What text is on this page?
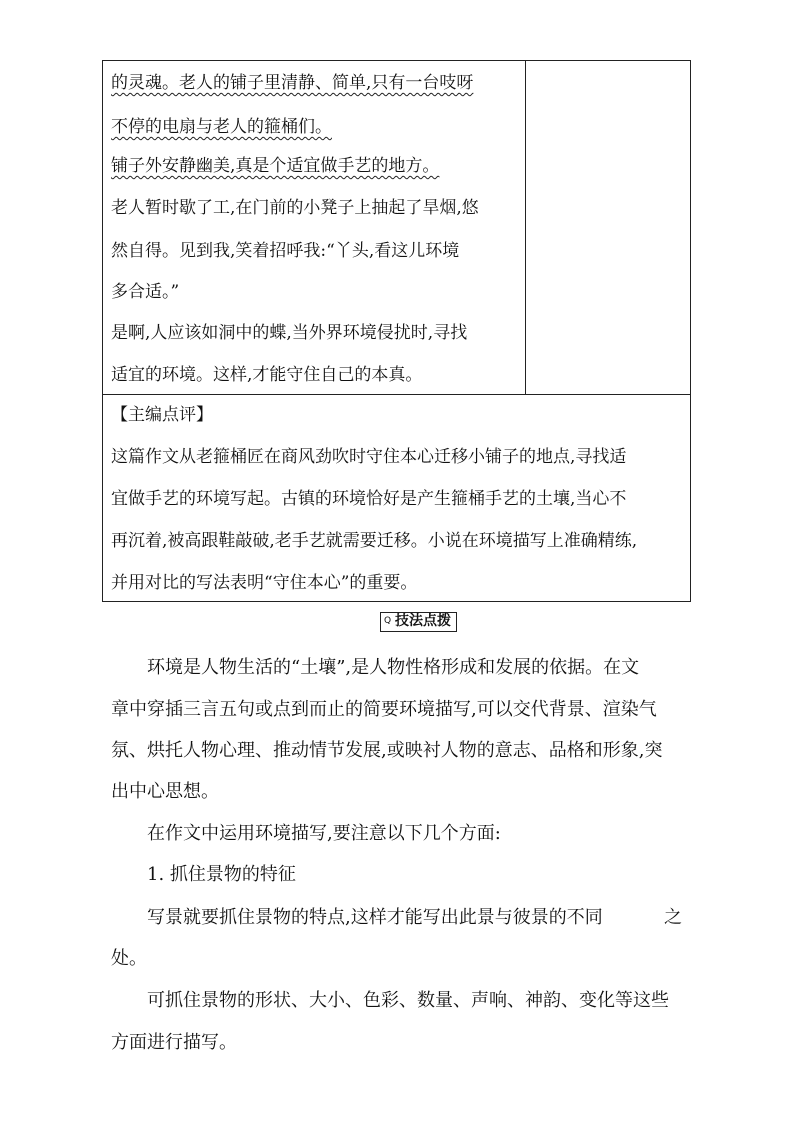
的灵魂。老人的铺子里清静、简单,只有一台吱呀
不停的电扇与老人的箍桶们。
铺子外安静幽美,真是个适宜做手艺的地方。
老人暂时歇了工,在门前的小凳子上抽起了旱烟,悠
然自得。见到我,笑着招呼我:“丫头,看这儿环境
多合适。”
是啊,人应该如洞中的蝶,当外界环境侵扰时,寻找
适宜的环境。这样,才能守住自己的本真。
【主编点评】
这篇作文从老箍桶匠在商风劲吹时守住本心迁移小铺子的地点,寻找适
宜做手艺的环境写起。古镇的环境恰好是产生箍桶手艺的土壤,当心不
再沉着,被高跟鞋敲破,老手艺就需要迁移。小说在环境描写上准确精练,
并用对比的写法表明“守住本心”的重要。
Q 技法点拨
环境是人物生活的“土壤”,是人物性格形成和发展的依据。在文
章中穿插三言五句或点到而止的简要环境描写,可以交代背景、渲染气
氛、烘托人物心理、推动情节发展,或映衬人物的意志、品格和形象,突
出中心思想。
在作文中运用环境描写,要注意以下几个方面:
1. 抓住景物的特征
写景就要抓住景物的特点,这样才能写出此景与彼景的不同	之
处。
可抓住景物的形状、大小、色彩、数量、声响、神韵、变化等这些
方面进行描写。
